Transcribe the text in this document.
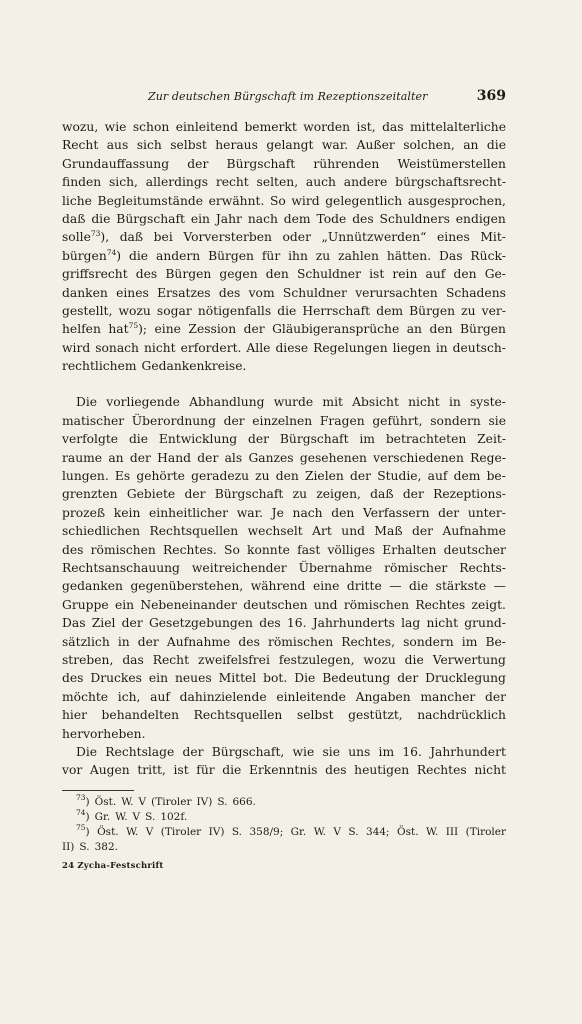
Zur deutschen Bürgschaft im Rezeptionszeitalter	369
wozu, wie schon einleitend bemerkt worden ist, das mittelalterliche
Recht aus sich selbst heraus gelangt war. Außer solchen, an die
Grundauffassung der Bürgschaft rührenden Weistümerstellen
finden sich, allerdings recht selten, auch andere bürgschaftsrecht-
liche Begleitumstände erwähnt. So wird gelegentlich ausgesprochen,
daß die Bürgschaft ein Jahr nach dem Tode des Schuldners endigen
solle$^{73}$), daß bei Vorversterben oder „Unnützwerden“ eines Mit-
bürgen$^{74}$) die andern Bürgen für ihn zu zahlen hätten. Das Rück-
griffsrecht des Bürgen gegen den Schuldner ist rein auf den Ge-
danken eines Ersatzes des vom Schuldner verursachten Schadens
gestellt, wozu sogar nötigenfalls die Herrschaft dem Bürgen zu ver-
helfen hat$^{75}$); eine Zession der Gläubigeransprüche an den Bürgen
wird sonach nicht erfordert. Alle diese Regelungen liegen in deutsch-
rechtlichem Gedankenkreise.
Die vorliegende Abhandlung wurde mit Absicht nicht in syste-
matischer Überordnung der einzelnen Fragen geführt, sondern sie
verfolgte die Entwicklung der Bürgschaft im betrachteten Zeit-
raume an der Hand der als Ganzes gesehenen verschiedenen Rege-
lungen. Es gehörte geradezu zu den Zielen der Studie, auf dem be-
grenzten Gebiete der Bürgschaft zu zeigen, daß der Rezeptions-
prozeß kein einheitlicher war. Je nach den Verfassern der unter-
schiedlichen Rechtsquellen wechselt Art und Maß der Aufnahme
des römischen Rechtes. So konnte fast völliges Erhalten deutscher
Rechtsanschauung weitreichender Übernahme römischer Rechts-
gedanken gegenüberstehen, während eine dritte — die stärkste —
Gruppe ein Nebeneinander deutschen und römischen Rechtes zeigt.
Das Ziel der Gesetzgebungen des 16. Jahrhunderts lag nicht grund-
sätzlich in der Aufnahme des römischen Rechtes, sondern im Be-
streben, das Recht zweifelsfrei festzulegen, wozu die Verwertung
des Druckes ein neues Mittel bot. Die Bedeutung der Drucklegung
möchte ich, auf dahinzielende einleitende Angaben mancher der
hier behandelten Rechtsquellen selbst gestützt, nachdrücklich
hervorheben.
Die Rechtslage der Bürgschaft, wie sie uns im 16. Jahrhundert
vor Augen tritt, ist für die Erkenntnis des heutigen Rechtes nicht
$^{73}$) Öst. W. V (Tiroler IV) S. 666.
$^{74}$) Gr. W. V S. 102f.
$^{75}$) Öst. W. V (Tiroler IV) S. 358/9; Gr. W. V S. 344; Öst. W. III (Tiroler
II) S. 382.
24 Zycha-Festschrift
